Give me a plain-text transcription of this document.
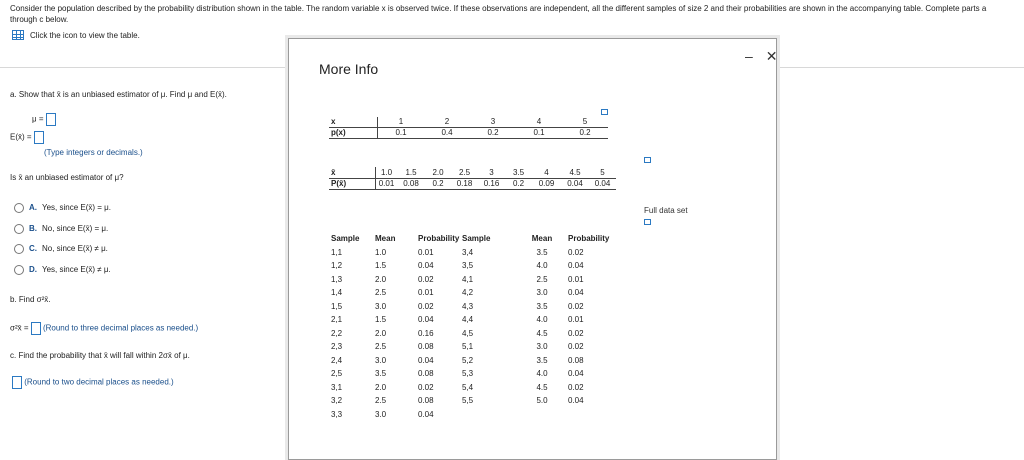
Consider the population described by the probability distribution shown in the table. The random variable x is observed twice. If these observations are independent, all the different samples of size 2 and their probabilities are shown in the accompanying table. Complete parts a through c below.
Click the icon to view the table.
a. Show that x̄ is an unbiased estimator of μ. Find μ and E(x̄).
μ =
E(x̄) =
(Type integers or decimals.)
Is x̄ an unbiased estimator of μ?
A. Yes, since E(x̄) = μ.
B. No, since E(x̄) = μ.
C. No, since E(x̄) ≠ μ.
D. Yes, since E(x̄) ≠ μ.
b. Find σ²x̄.
σ²x̄ = (Round to three decimal places as needed.)
c. Find the probability that x̄ will fall within 2σx̄ of μ.
(Round to two decimal places as needed.)
More Info
x	1	2	3	4	5
p(x)	0.1	0.4	0.2	0.1	0.2
x̄	1.0	1.5	2.0	2.5	3	3.5	4	4.5	5
P(x̄)	0.01	0.08	0.2	0.18	0.16	0.2	0.09	0.04	0.04
Sample	Mean	Probability	Sample	Mean	Probability
1,1	1.0	0.01	3,4	3.5	0.02
1,2	1.5	0.04	3,5	4.0	0.04
1,3	2.0	0.02	4,1	2.5	0.01
1,4	2.5	0.01	4,2	3.0	0.04
1,5	3.0	0.02	4,3	3.5	0.02
2,1	1.5	0.04	4,4	4.0	0.01
2,2	2.0	0.16	4,5	4.5	0.02
2,3	2.5	0.08	5,1	3.0	0.02
2,4	3.0	0.04	5,2	3.5	0.08
2,5	3.5	0.08	5,3	4.0	0.04
3,1	2.0	0.02	5,4	4.5	0.02
3,2	2.5	0.08	5,5	5.0	0.04
3,3	3.0	0.04			
– ✕
Full data set
